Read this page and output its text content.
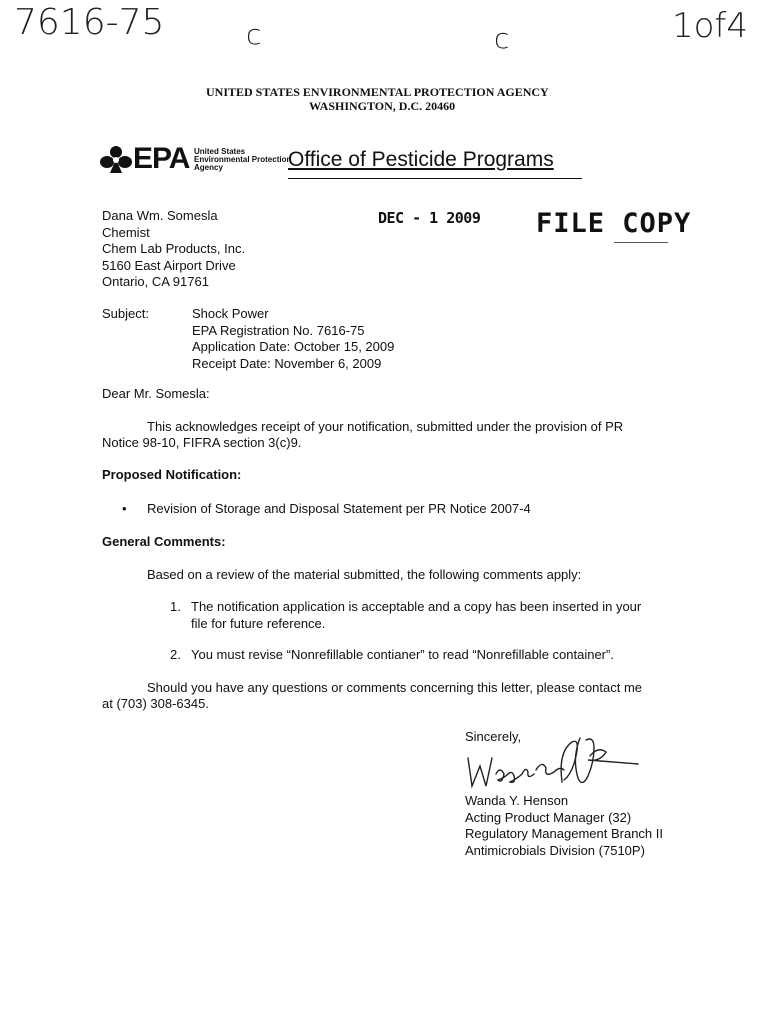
7616-75	c	c	1of4
UNITED STATES ENVIRONMENTAL PROTECTION AGENCY
WASHINGTON, D.C. 20460
EPA United States
Environmental Protection
Agency	Office of Pesticide Programs
Dana Wm. Somesla
Chemist
Chem Lab Products, Inc.
5160 East Airport Drive
Ontario, CA 91761
DEC - 1 2009 FILE COPY
Subject:	Shock Power
EPA Registration No. 7616-75
Application Date: October 15, 2009
Receipt Date: November 6, 2009
Dear Mr. Somesla:
This acknowledges receipt of your notification, submitted under the provision of PR
Notice 98-10, FIFRA section 3(c)9.
Proposed Notification:
• Revision of Storage and Disposal Statement per PR Notice 2007-4
General Comments:
Based on a review of the material submitted, the following comments apply:
1. The notification application is acceptable and a copy has been inserted in your
file for future reference.
2. You must revise “Nonrefillable contianer” to read “Nonrefillable container”.
Should you have any questions or comments concerning this letter, please contact me
at (703) 308-6345.
Sincerely,
Wanda Y. Henson
Acting Product Manager (32)
Regulatory Management Branch II
Antimicrobials Division (7510P)
